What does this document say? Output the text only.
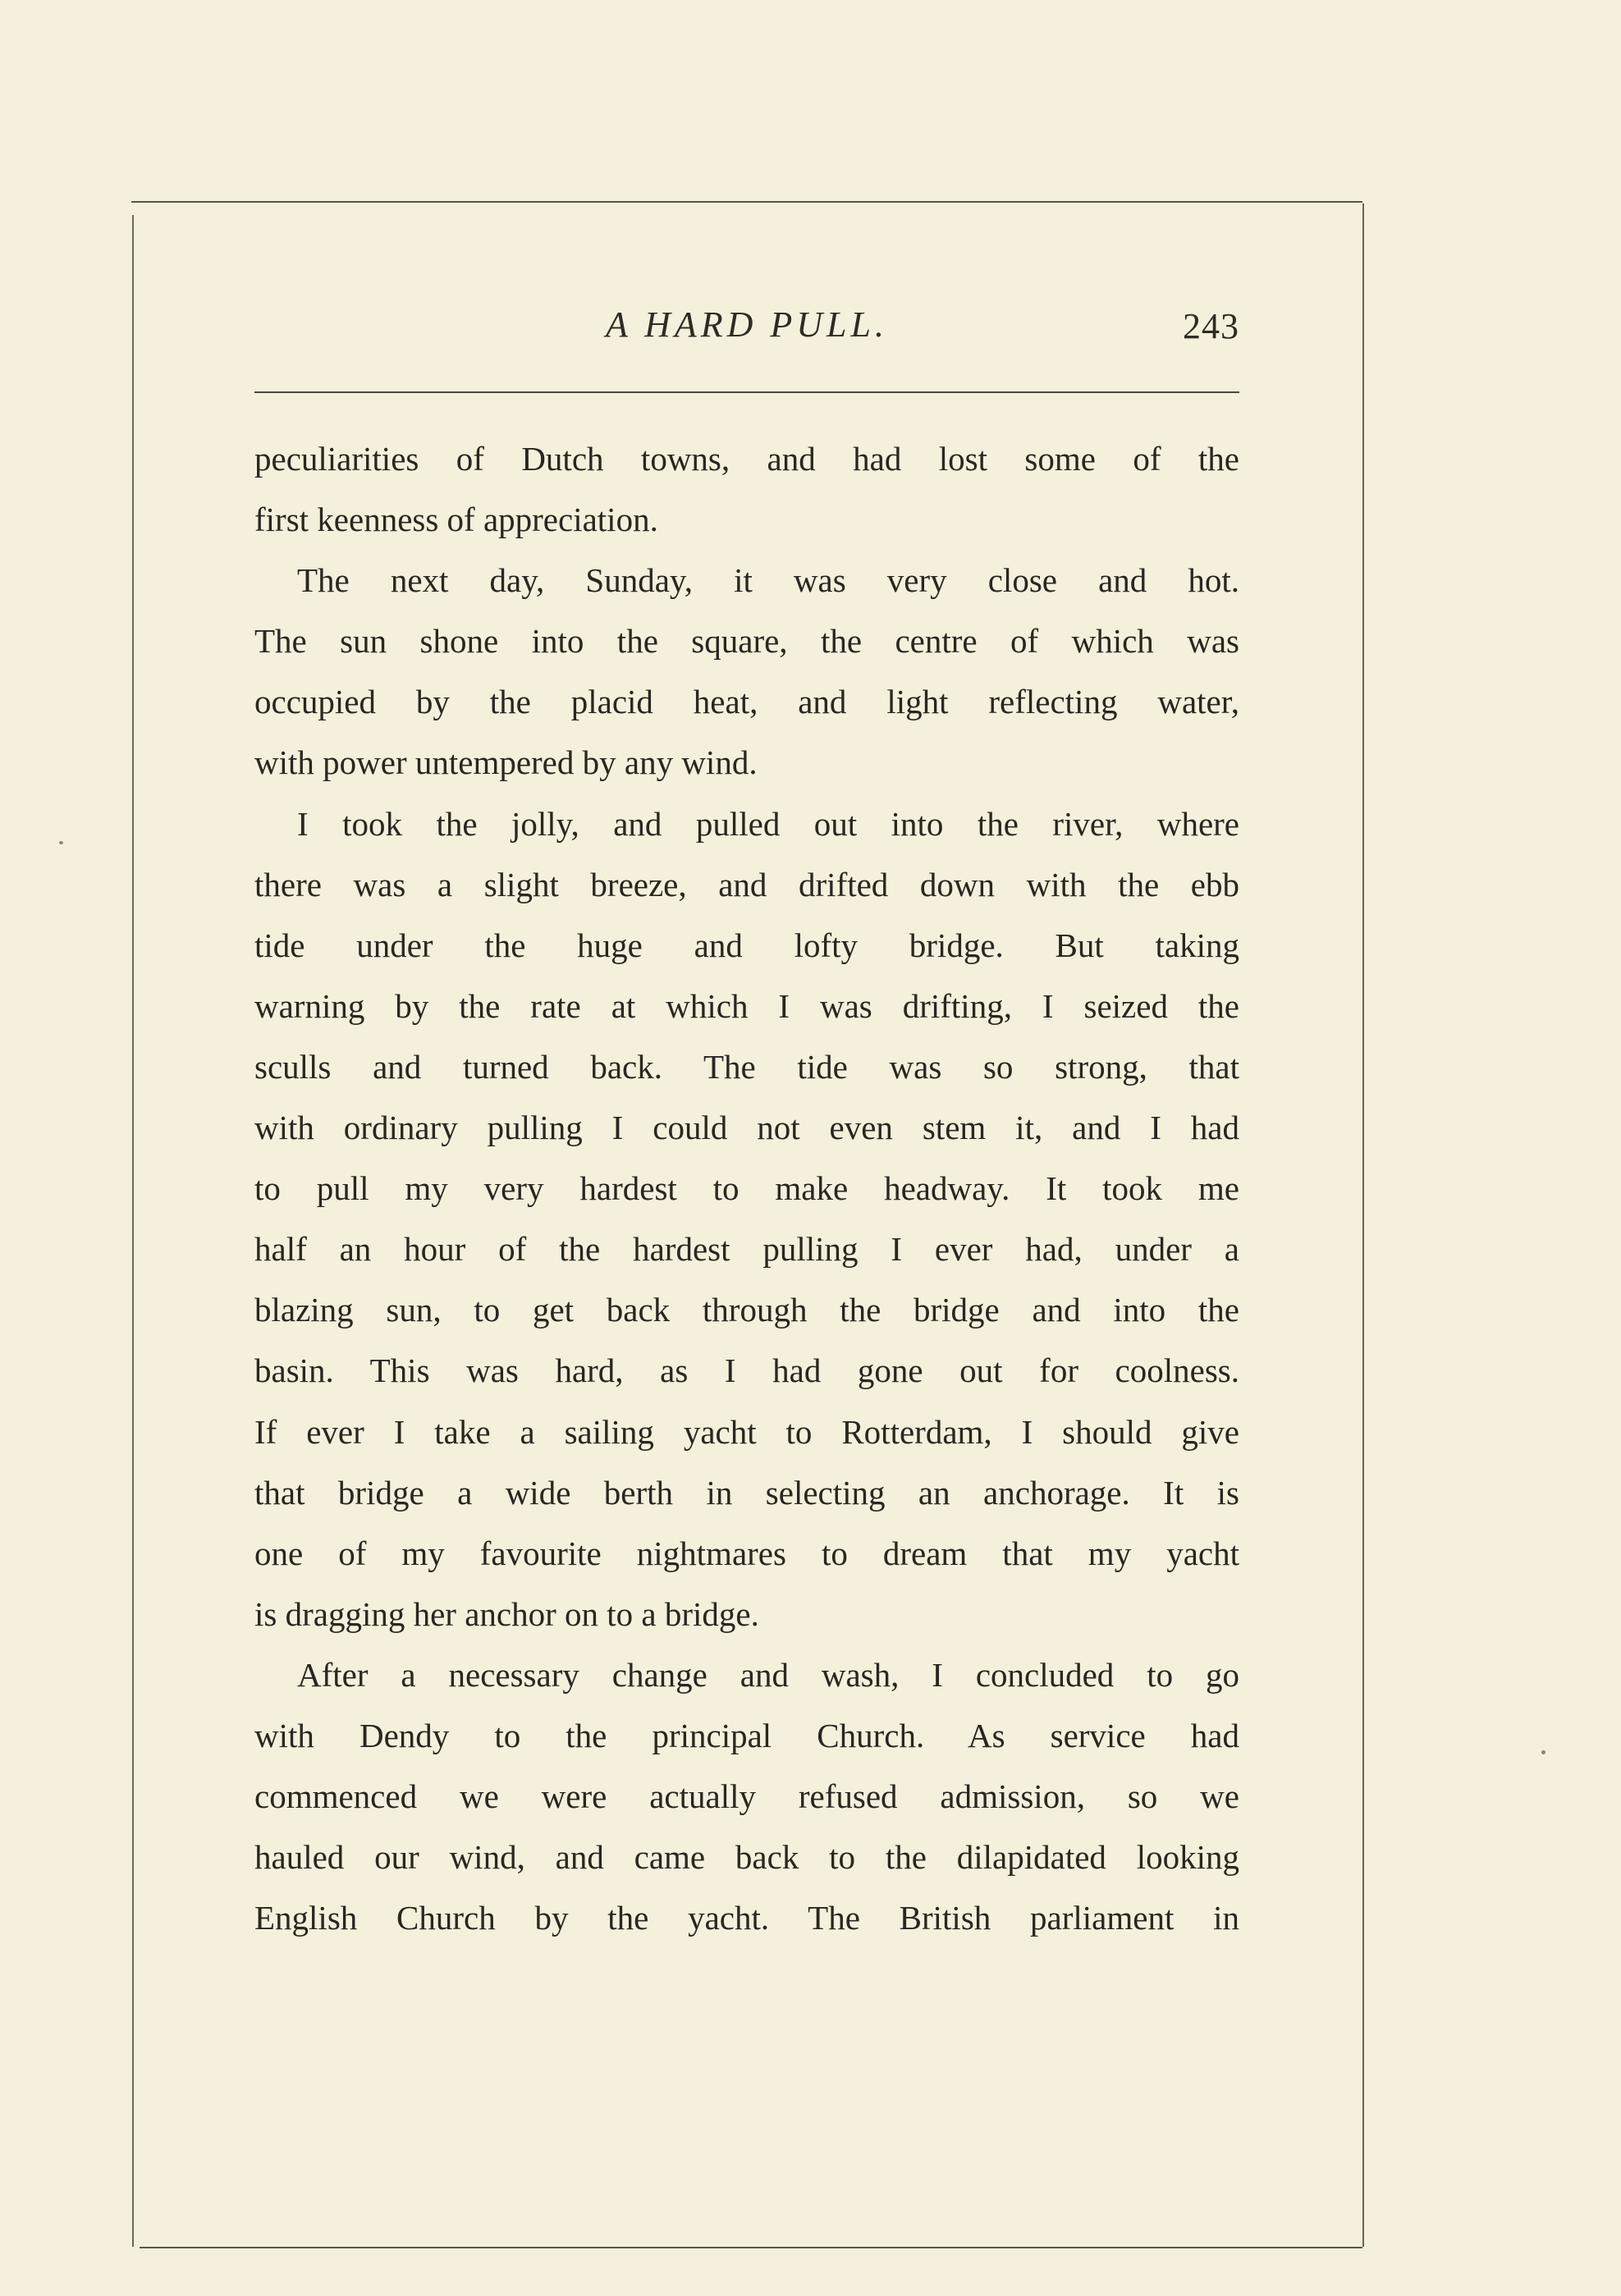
A HARD PULL.	243
peculiarities of Dutch towns, and had lost some of the
first keenness of appreciation.
The next day, Sunday, it was very close and hot.
The sun shone into the square, the centre of which was
occupied by the placid heat, and light reflecting water,
with power untempered by any wind.
I took the jolly, and pulled out into the river, where
there was a slight breeze, and drifted down with the ebb
tide under the huge and lofty bridge. But taking
warning by the rate at which I was drifting, I seized the
sculls and turned back. The tide was so strong, that
with ordinary pulling I could not even stem it, and I had
to pull my very hardest to make headway. It took me
half an hour of the hardest pulling I ever had, under a
blazing sun, to get back through the bridge and into the
basin. This was hard, as I had gone out for coolness.
If ever I take a sailing yacht to Rotterdam, I should give
that bridge a wide berth in selecting an anchorage. It is
one of my favourite nightmares to dream that my yacht
is dragging her anchor on to a bridge.
After a necessary change and wash, I concluded to go
with Dendy to the principal Church. As service had
commenced we were actually refused admission, so we
hauled our wind, and came back to the dilapidated looking
English Church by the yacht. The British parliament in
